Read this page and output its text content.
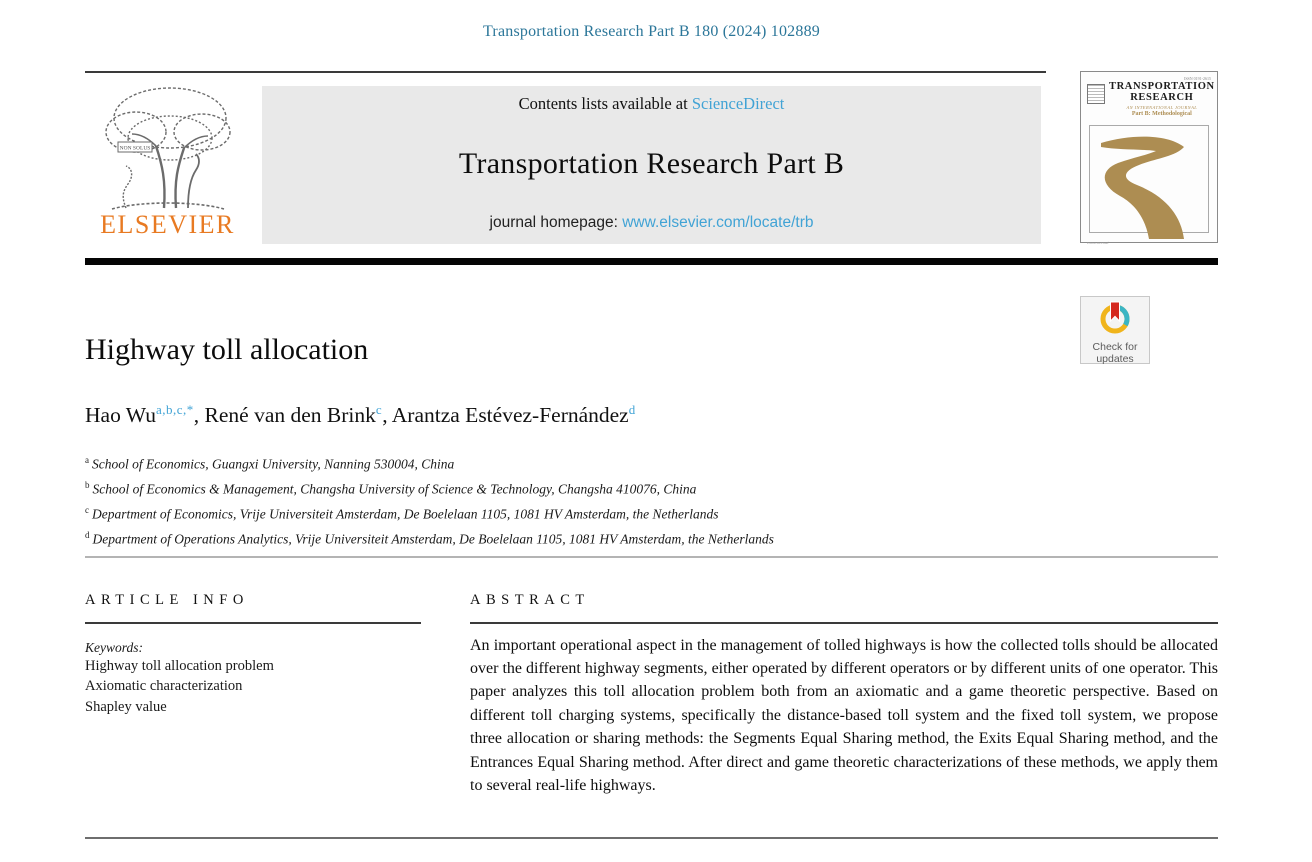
Transportation Research Part B 180 (2024) 102889
NON SOLUS
ELSEVIER
Contents lists available at ScienceDirect
Transportation Research Part B
journal homepage: www.elsevier.com/locate/trb
ISSN 0191-2615
TRANSPORTATION
RESEARCH
AN INTERNATIONAL JOURNAL
Part B: Methodological
Editor-in-Chief
Check for
updates
Highway toll allocation
Hao $Wu^{a,b,c,*}$, René van den Brink$^c$, Arantza Estévez-Fernández$^d$
$^a$ School of Economics, Guangxi University, Nanning 530004, China
$^b$ School of Economics & Management, Changsha University of Science & Technology, Changsha 410076, China
$^c$ Department of Economics, Vrije Universiteit Amsterdam, De Boelelaan 1105, 1081 HV Amsterdam, the Netherlands
$^d$ Department of Operations Analytics, Vrije Universiteit Amsterdam, De Boelelaan 1105, 1081 HV Amsterdam, the Netherlands
ARTICLE INFO
Keywords:
Highway toll allocation problem
Axiomatic characterization
Shapley value
ABSTRACT
An important operational aspect in the management of tolled highways is how the collected tolls should be allocated over the different highway segments, either operated by different operators or by different units of one operator. This paper analyzes this toll allocation problem both from an axiomatic and a game theoretic perspective. Based on different toll charging systems, specifically the distance-based toll system and the fixed toll system, we propose three allocation or sharing methods: the Segments Equal Sharing method, the Exits Equal Sharing method, and the Entrances Equal Sharing method. After direct and game theoretic characterizations of these methods, we apply them to several real-life highways.
